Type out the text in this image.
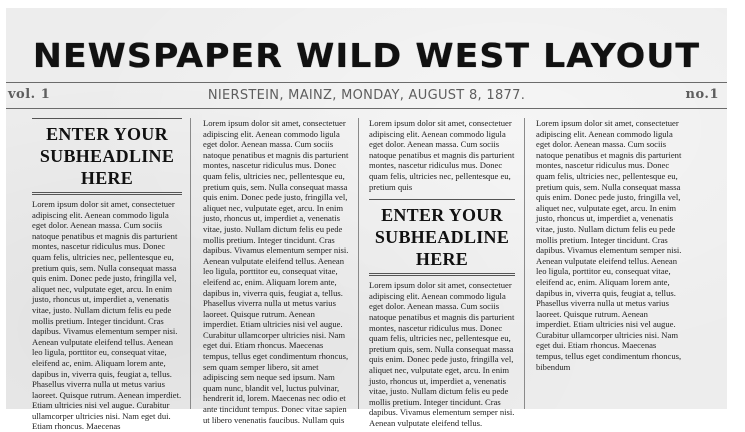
NEWSPAPER WILD WEST LAYOUT
vol. 1	NIERSTEIN, MAINZ, MONDAY, AUGUST 8, 1877.	no.1
ENTER YOUR SUBHEADLINE HERE

Lorem ipsum dolor sit amet, consectetuer adipiscing elit. Aenean commodo ligula eget dolor. Aenean massa. Cum sociis natoque penatibus et magnis dis parturient montes, nascetur ridiculus mus. Donec quam felis, ultricies nec, pellentesque eu, pretium quis, sem. Nulla consequat massa quis enim. Donec pede justo, fringilla vel, aliquet nec, vulputate eget, arcu. In enim justo, rhoncus ut, imperdiet a, venenatis vitae, justo. Nullam dictum felis eu pede mollis pretium. Integer tincidunt. Cras dapibus. Vivamus elementum semper nisi. Aenean vulputate eleifend tellus. Aenean leo ligula, porttitor eu, consequat vitae, eleifend ac, enim. Aliquam lorem ante, dapibus in, viverra quis, feugiat a, tellus. Phasellus viverra nulla ut metus varius laoreet. Quisque rutrum. Aenean imperdiet. Etiam ultricies nisi vel augue. Curabitur ullamcorper ultricies nisi. Nam eget dui. Etiam rhoncus. Maecenas

Lorem ipsum dolor sit amet, consectetuer adipiscing elit. Aenean commodo ligula eget dolor. Aenean massa. Cum sociis natoque penatibus et magnis dis parturient montes, nascetur ridiculus mus. Donec quam felis, ultricies nec, pellentesque eu, pretium quis, sem. Nulla consequat massa quis enim. Donec pede justo, fringilla vel, aliquet nec, vulputate eget, arcu. In enim justo, rhoncus ut, imperdiet a, venenatis vitae, justo. Nullam dictum felis eu pede mollis pretium. Integer tincidunt. Cras dapibus. Vivamus elementum semper nisi. Aenean vulputate eleifend tellus. Aenean leo ligula, porttitor eu, consequat vitae, eleifend ac, enim. Aliquam lorem ante, dapibus in, viverra quis, feugiat a, tellus. Phasellus viverra nulla ut metus varius laoreet. Quisque rutrum. Aenean imperdiet. Etiam ultricies nisi vel augue. Curabitur ullamcorper ultricies nisi. Nam eget dui. Etiam rhoncus. Maecenas tempus, tellus eget condimentum rhoncus, sem quam semper libero, sit amet adipiscing sem neque sed ipsum. Nam quam nunc, blandit vel, luctus pulvinar, hendrerit id, lorem. Maecenas nec odio et ante tincidunt tempus. Donec vitae sapien ut libero venenatis faucibus. Nullam quis

Lorem ipsum dolor sit amet, consectetuer adipiscing elit. Aenean commodo ligula eget dolor. Aenean massa. Cum sociis natoque penatibus et magnis dis parturient montes, nascetur ridiculus mus. Donec quam felis, ultricies nec, pellentesque eu, pretium quis

ENTER YOUR SUBHEADLINE HERE

Lorem ipsum dolor sit amet, consectetuer adipiscing elit. Aenean commodo ligula eget dolor. Aenean massa. Cum sociis natoque penatibus et magnis dis parturient montes, nascetur ridiculus mus. Donec quam felis, ultricies nec, pellentesque eu, pretium quis, sem. Nulla consequat massa quis enim. Donec pede justo, fringilla vel, aliquet nec, vulputate eget, arcu. In enim justo, rhoncus ut, imperdiet a, venenatis vitae, justo. Nullam dictum felis eu pede mollis pretium. Integer tincidunt. Cras dapibus. Vivamus elementum semper nisi. Aenean vulputate eleifend tellus.

Lorem ipsum dolor sit amet, consectetuer adipiscing elit. Aenean commodo ligula eget dolor. Aenean massa. Cum sociis natoque penatibus et magnis dis parturient montes, nascetur ridiculus mus. Donec quam felis, ultricies nec, pellentesque eu, pretium quis, sem. Nulla consequat massa quis enim. Donec pede justo, fringilla vel, aliquet nec, vulputate eget, arcu. In enim justo, rhoncus ut, imperdiet a, venenatis vitae, justo. Nullam dictum felis eu pede mollis pretium. Integer tincidunt. Cras dapibus. Vivamus elementum semper nisi. Aenean vulputate eleifend tellus. Aenean leo ligula, porttitor eu, consequat vitae, eleifend ac, enim. Aliquam lorem ante, dapibus in, viverra quis, feugiat a, tellus. Phasellus viverra nulla ut metus varius laoreet. Quisque rutrum. Aenean imperdiet. Etiam ultricies nisi vel augue. Curabitur ullamcorper ultricies nisi. Nam eget dui. Etiam rhoncus. Maecenas tempus, tellus eget condimentum rhoncus, bibendum
